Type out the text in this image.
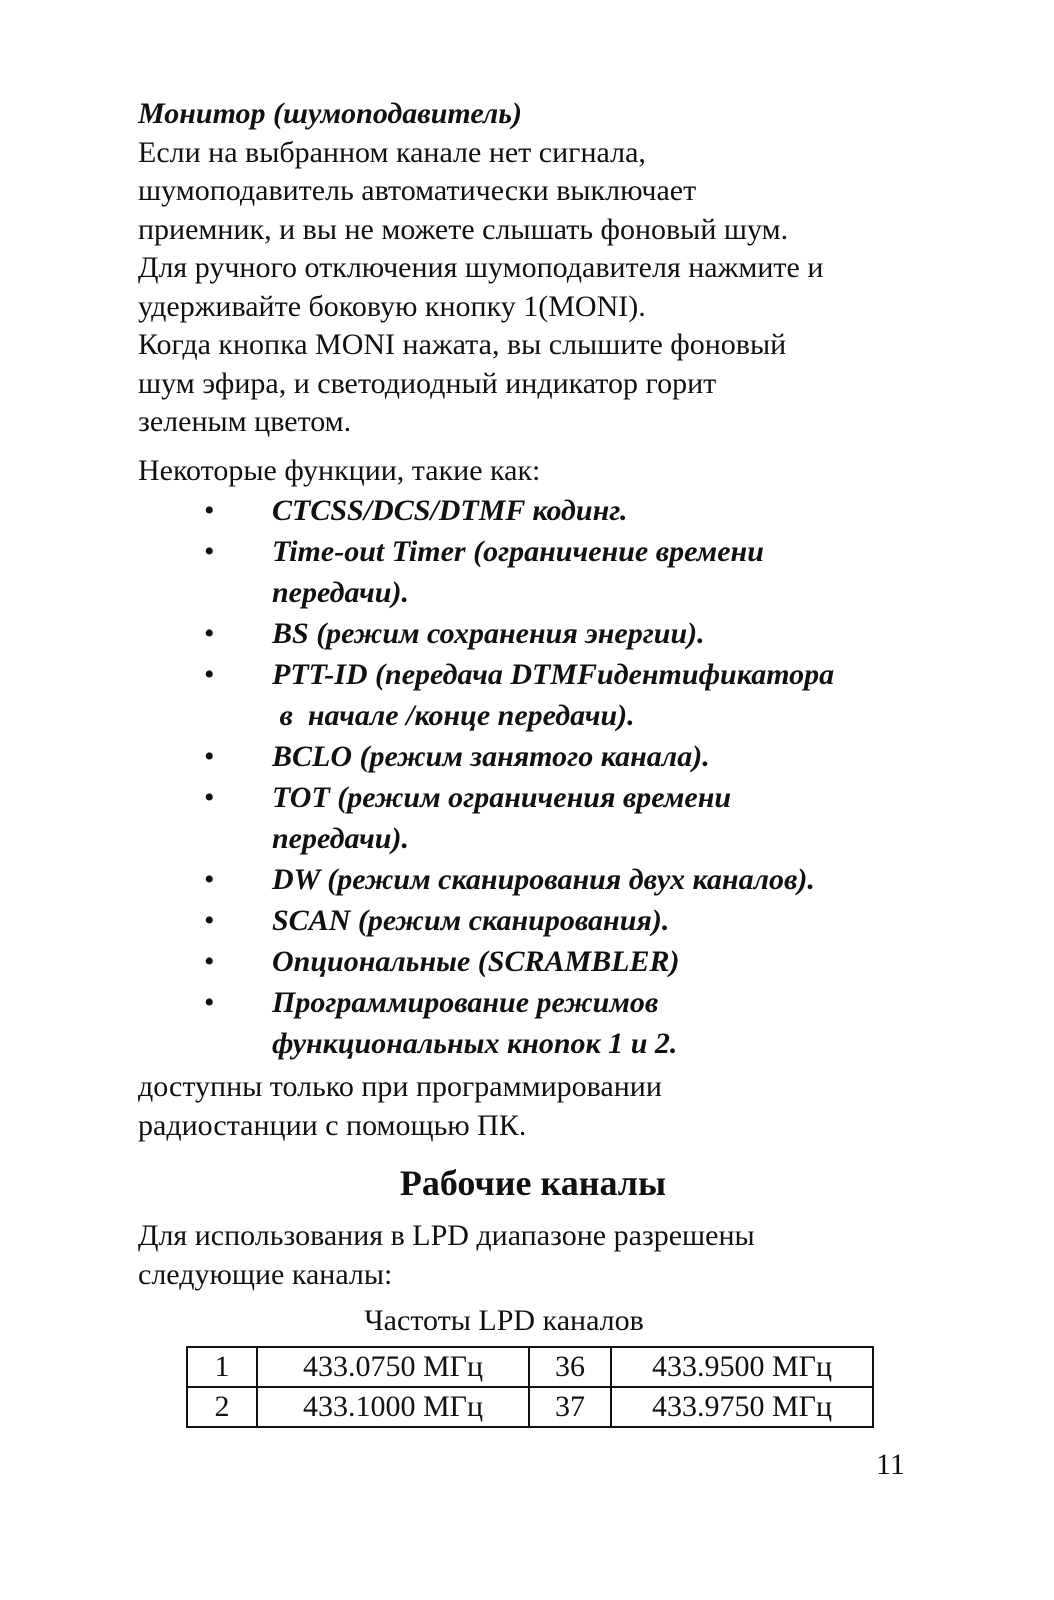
Монитор (шумоподавитель)
Если на выбранном канале нет сигнала,
шумоподавитель автоматически выключает
приемник, и вы не можете слышать фоновый шум.
Для ручного отключения шумоподавителя нажмите и
удерживайте боковую кнопку 1(MONI).
Когда кнопка MONI нажата, вы слышите фоновый
шум эфира, и светодиодный индикатор горит
зеленым цветом.
Некоторые функции, такие как:
• CTCSS/DCS/DTMF кодинг.
• Time-out Timer (ограничение времени
передачи).
• BS (режим сохранения энергии).
• PTT-ID (передача DTMFидентификатора
в  начале /конце передачи).
• BCLO (режим занятого канала).
• TOT (режим ограничения времени
передачи).
• DW (режим сканирования двух каналов).
• SCAN (режим сканирования).
• Опциональные (SCRAMBLER)
• Программирование режимов
функциональных кнопок 1 и 2.
доступны только при программировании
радиостанции с помощью ПК.
Рабочие каналы
Для использования в LPD диапазоне разрешены
следующие каналы:
Частоты LPD каналов
1	433.0750 МГц	36	433.9500 МГц
2	433.1000 МГц	37	433.9750 МГц
11
